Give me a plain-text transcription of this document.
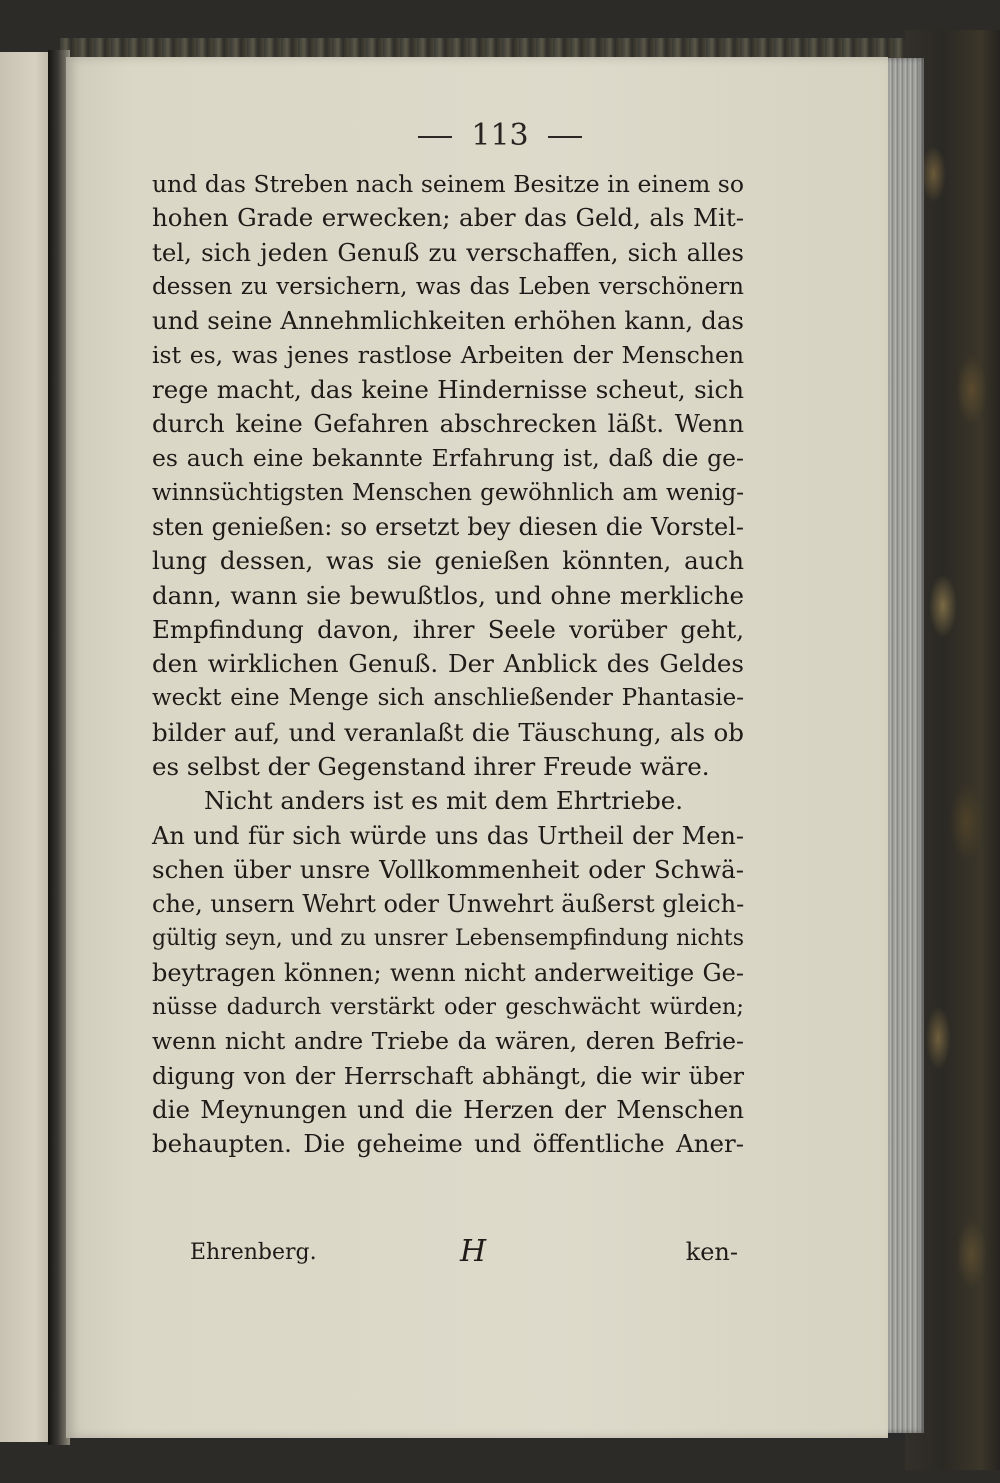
113
und das Streben nach seinem Besitze in einem so
hohen Grade erwecken; aber das Geld, als Mit-
tel, sich jeden Genuß zu verschaffen, sich alles
dessen zu versichern, was das Leben verschönern
und seine Annehmlichkeiten erhöhen kann, das
ist es, was jenes rastlose Arbeiten der Menschen
rege macht, das keine Hindernisse scheut, sich
durch keine Gefahren abschrecken läßt. Wenn
es auch eine bekannte Erfahrung ist, daß die ge-
winnsüchtigsten Menschen gewöhnlich am wenig-
sten genießen: so ersetzt bey diesen die Vorstel-
lung dessen, was sie genießen könnten, auch
dann, wann sie bewußtlos, und ohne merkliche
Empfindung davon, ihrer Seele vorüber geht,
den wirklichen Genuß. Der Anblick des Geldes
weckt eine Menge sich anschließender Phantasie-
bilder auf, und veranlaßt die Täuschung, als ob
es selbst der Gegenstand ihrer Freude wäre.
Nicht anders ist es mit dem Ehrtriebe.
An und für sich würde uns das Urtheil der Men-
schen über unsre Vollkommenheit oder Schwä-
che, unsern Wehrt oder Unwehrt äußerst gleich-
gültig seyn, und zu unsrer Lebensempfindung nichts
beytragen können; wenn nicht anderweitige Ge-
nüsse dadurch verstärkt oder geschwächt würden;
wenn nicht andre Triebe da wären, deren Befrie-
digung von der Herrschaft abhängt, die wir über
die Meynungen und die Herzen der Menschen
behaupten. Die geheime und öffentliche Aner-
Ehrenberg.	H	ken-
